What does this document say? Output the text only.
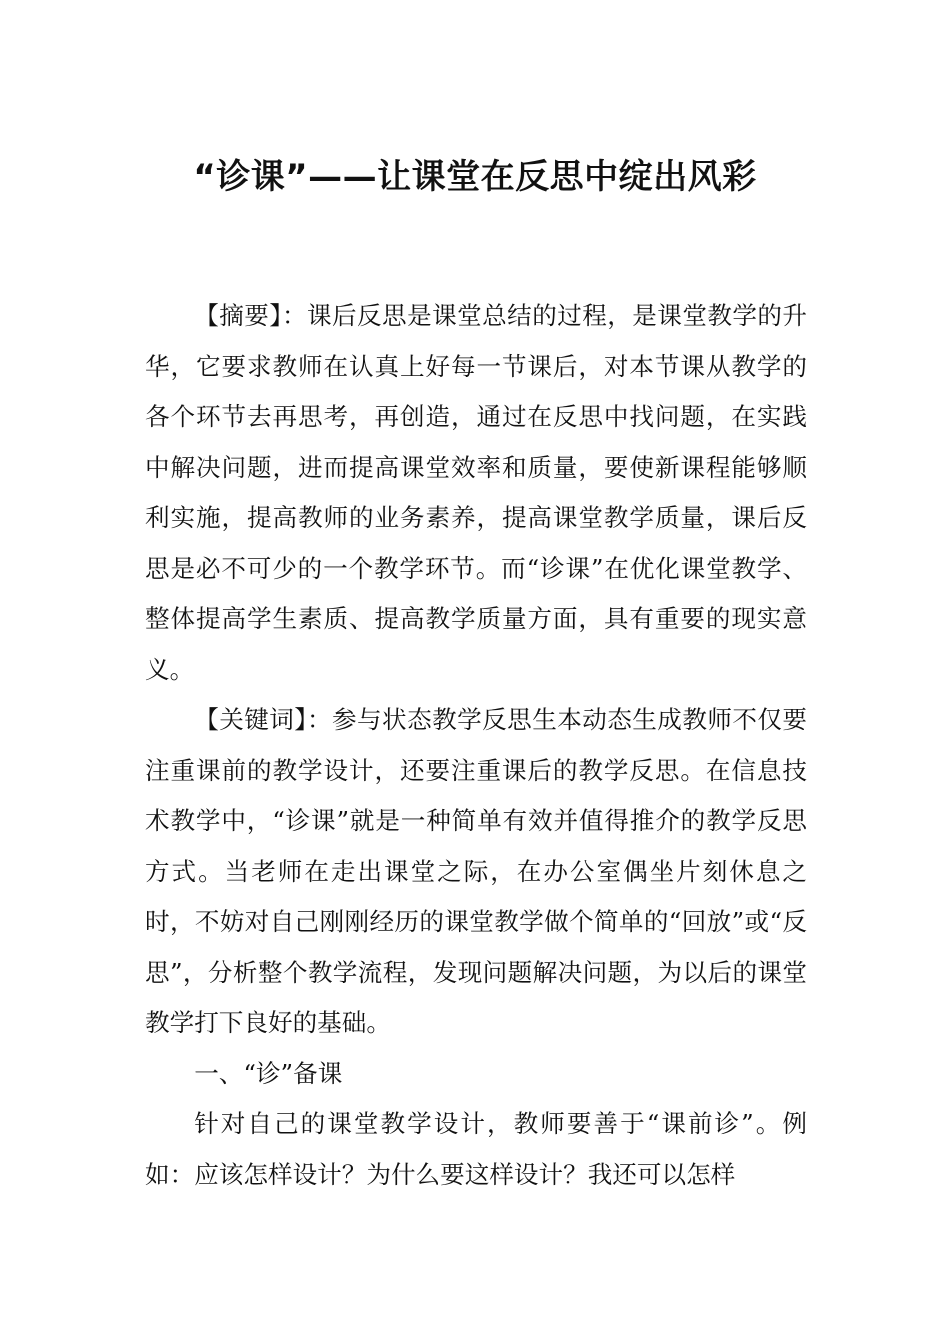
“诊课”——让课堂在反思中绽出风彩

【摘要】：课后反思是课堂总结的过程，是课堂教学的升华，它要求教师在认真上好每一节课后，对本节课从教学的各个环节去再思考，再创造，通过在反思中找问题，在实践中解决问题，进而提高课堂效率和质量，要使新课程能够顺利实施，提高教师的业务素养，提高课堂教学质量，课后反思是必不可少的一个教学环节。而“诊课”在优化课堂教学、整体提高学生素质、提高教学质量方面，具有重要的现实意义。

【关键词】：参与状态教学反思生本动态生成教师不仅要注重课前的教学设计，还要注重课后的教学反思。在信息技术教学中，“诊课”就是一种简单有效并值得推介的教学反思方式。当老师在走出课堂之际，在办公室偶坐片刻休息之时，不妨对自己刚刚经历的课堂教学做个简单的“回放”或“反思”，分析整个教学流程，发现问题解决问题，为以后的课堂教学打下良好的基础。

一、“诊”备课

针对自己的课堂教学设计，教师要善于“课前诊”。例如：应该怎样设计？为什么要这样设计？我还可以怎样
